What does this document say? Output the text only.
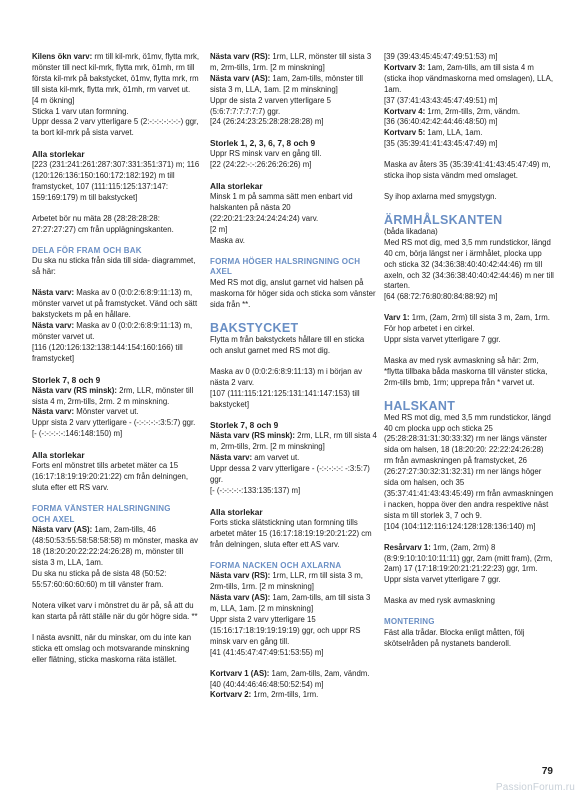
Kilens ökn varv: rm till kil-mrk, ö1mv, flytta mrk, mönster till nect kil-mrk, flytta mrk, ö1mh, rm till första kil-mrk på bakstycket, ö1mv, flytta mrk, rm till sista kil-mrk, flytta mrk, ö1mh, rm varvet ut.
[4 m ökning]
Sticka 1 varv utan formning.
Uppr dessa 2 varv ytterligare 5 (2:-:-:-:-:-:-:-) ggr, ta bort kil-mrk på sista varvet.

Alla storlekar

[223 (231:241:261:287:307:331:351:371) m; 116 (120:126:136:150:160:172:182:192) m till framstycket, 107 (111:115:125:137:147: 159:169:179) m till bakstycket]

Arbetet bör nu mäta 28 (28:28:28:28: 27:27:27:27) cm från upplägningskanten.

DELA FÖR FRAM OCH BAK

Du ska nu sticka från sida till sida- diagrammet, så här:

Nästa varv: Maska av 0 (0:0:2:6:8:9:11:13) m, mönster varvet ut på framstycket. Vänd och sätt bakstyckets m på en hållare.

Nästa varv: Maska av 0 (0:0:2:6:8:9:11:13) m, mönster varvet ut.
[116 (120:126:132:138:144:154:160:166) till framstycket]

Storlek 7, 8 och 9

Nästa varv (RS minsk): 2rm, LLR, mönster till sista 4 m, 2rm-tills, 2rm. 2 m minskning.

Nästa varv: Mönster varvet ut.
Uppr sista 2 varv ytterligare - (-:-:-:-:-:3:5:7) ggr.
[- (-:-:-:-:-:146:148:150) m]

Alla storlekar

Forts enl mönstret tills arbetet mäter ca 15 (16:17:18:19:19:20:21:22) cm från delningen, sluta efter ett RS varv.

FORMA VÄNSTER HALSRINGNING
OCH AXEL

Nästa varv (AS): 1am, 2am-tills, 46 (48:50:53:55:58:58:58:58) m mönster, maska av 18 (18:20:20:22:22:24:26:28) m, mönster till sista 3 m, LLA, 1am.
Du ska nu sticka på de sista 48 (50:52: 55:57:60:60:60:60) m till vänster fram.

Notera vilket varv i mönstret du är på, så att du kan starta på rätt ställe när du gör högre sida. **

I nästa avsnitt, när du minskar, om du inte kan sticka ett omslag och motsvarande minskning eller flätning, sticka maskorna räta istället.

Nästa varv (RS): 1rm, LLR, mönster till sista 3 m, 2rm-tills, 1rm. [2 m minskning]

Nästa varv (AS): 1am, 2am-tills, mönster till sista 3 m, LLA, 1am. [2 m minskning]
Uppr de sista 2 varven ytterligare 5 (5:6:7:7:7:7:7:7) ggr.
[24 (26:24:23:25:28:28:28:28) m]

Storlek 1, 2, 3, 6, 7, 8 och 9

Uppr RS minsk varv en gång till.
[22 (24:22:-:-:26:26:26:26) m]

Alla storlekar

Minsk 1 m på samma sätt men enbart vid halskanten på nästa 20 (22:20:21:23:24:24:24:24) varv.
[2 m]
Maska av.

FORMA HÖGER HALSRINGNING OCH
AXEL

Med RS mot dig, anslut garnet vid halsen på maskorna för höger sida och sticka som vänster sida från **.

BAKSTYCKET

Flytta m från bakstyckets hållare till en sticka och anslut garnet med RS mot dig.

Maska av 0 (0:0:2:6:8:9:11:13) m i början av nästa 2 varv.
[107 (111:115:121:125:131:141:147:153) till bakstycket]

Storlek 7, 8 och 9

Nästa varv (RS minsk): 2rm, LLR, rm till sista 4 m, 2rm-tills, 2rm. [2 m minskning]

Nästa varv: am varvet ut.
Uppr dessa 2 varv ytterligare - (-:-:-:-:-: -:3:5:7) ggr.
[- (-:-:-:-:-:133:135:137) m]

Alla storlekar

Forts sticka slätstickning utan formning tills arbetet mäter 15 (16:17:18:19:19:20:21:22) cm från delningen, sluta efter ett AS varv.

FORMA NACKEN OCH AXLARNA

Nästa varv (RS): 1rm, LLR, rm till sista 3 m, 2rm-tills, 1rm. [2 m minskning]

Nästa varv (AS): 1am, 2am-tills, am till sista 3 m, LLA, 1am. [2 m minskning]
Uppr sista 2 varv ytterligare 15 (15:16:17:18:19:19:19:19) ggr, och uppr RS minsk varv en gång till.
[41 (41:45:47:47:49:51:53:55) m]

Kortvarv 1 (AS): 1am, 2am-tills, 2am, vändm.
[40 (40:44:46:46:48:50:52:54) m]

Kortvarv 2: 1rm, 2rm-tills, 1rm.

[39 (39:43:45:45:47:49:51:53) m]

Kortvarv 3: 1am, 2am-tills, am till sista 4 m (sticka ihop vändmaskorna med omslagen), LLA, 1am.
[37 (37:41:43:43:45:47:49:51) m]

Kortvarv 4: 1rm, 2rm-tills, 2rm, vändm.
[36 (36:40:42:42:44:46:48:50) m]

Kortvarv 5: 1am, LLA, 1am.
[35 (35:39:41:41:43:45:47:49) m]

Maska av åters 35 (35:39:41:41:43:45:47:49) m, sticka ihop sista vändm med omslaget.

Sy ihop axlarna med smygstygn.

ÄRMHÅLSKANTEN

(båda likadana)

Med RS mot dig, med 3,5 mm rundstickor, längd 40 cm, börja längst ner i ärmhålet, plocka upp och sticka 32 (34:36:38:40:40:42:44:46) rm till axeln, och 32 (34:36:38:40:40:42:44:46) m ner till starten.
[64 (68:72:76:80:80:84:88:92) m]

Varv 1: 1rm, (2am, 2rm) till sista 3 m, 2am, 1rm.
För hop arbetet i en cirkel.
Uppr sista varvet ytterligare 7 ggr.

Maska av med rysk avmaskning så här: 2rm, *flytta tillbaka båda maskorna till vänster sticka, 2rm-tills bmb, 1rm; upprepa från * varvet ut.

HALSKANT

Med RS mot dig, med 3,5 mm rundstickor, längd 40 cm plocka upp och sticka 25 (25:28:28:31:31:30:33:32) rm ner längs vänster sida om halsen, 18 (18:20:20: 22:22:24:26:28) rm från avmaskningen på framstycket, 26 (26:27:27:30:32:31:32:31) rm ner längs höger sida om halsen, och 35 (35:37:41:41:43:43:45:49) rm från avmaskningen i nacken, hoppa över den andra respektive näst sista m till storlek 3, 7 och 9.
[104 (104:112:116:124:128:128:136:140) m]

Resårvarv 1: 1rm, (2am, 2rm) 8 (8:9:9:10:10:10:11:11) ggr, 2am (mitt fram), (2rm, 2am) 17 (17:18:19:20:21:21:22:23) ggr, 1rm.
Uppr sista varvet ytterligare 7 ggr.

Maska av med rysk avmaskning

MONTERING

Fäst alla trådar. Blocka enligt måtten, följ skötselråden på nystanets banderoll.

79
PassionForum.ru
